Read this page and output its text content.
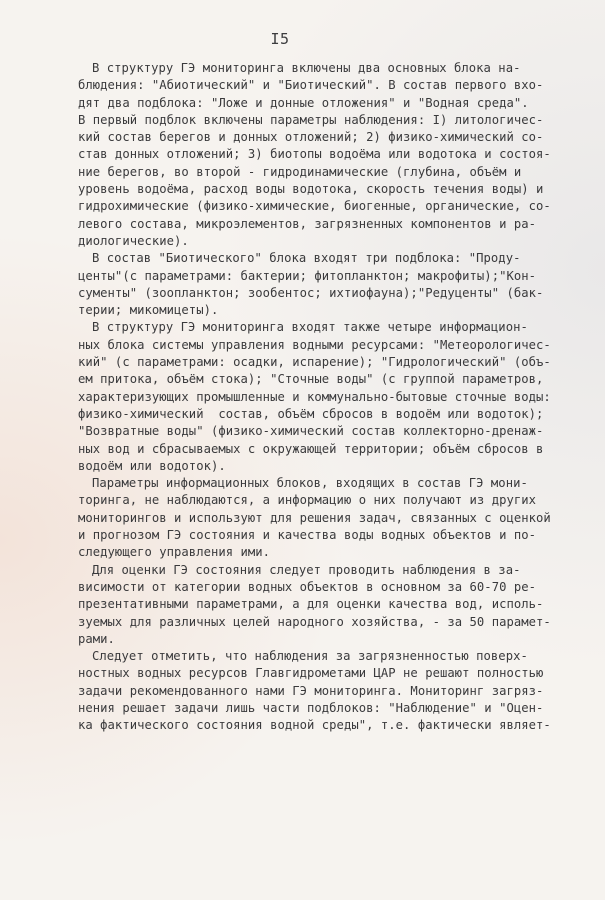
I5
В структуру ГЭ мониторинга включены два основных блока на-
блюдения: "Абиотический" и "Биотический". В состав первого вхо-
дят два подблока: "Ложе и донные отложения" и "Водная среда".
В первый подблок включены параметры наблюдения: I) литологичес-
кий состав берегов и донных отложений; 2) физико-химический со-
став донных отложений; 3) биотопы водоёма или водотока и состоя-
ние берегов, во второй - гидродинамические (глубина, объём и
уровень водоёма, расход воды водотока, скорость течения воды) и
гидрохимические (физико-химические, биогенные, органические, со-
левого состава, микроэлементов, загрязненных компонентов и ра-
диологические).
В состав "Биотического" блока входят три подблока: "Проду-
центы"(с параметрами: бактерии; фитопланктон; макрофиты);"Кон-
сументы" (зоопланктон; зообентос; ихтиофауна);"Редуценты" (бак-
терии; микомицеты).
В структуру ГЭ мониторинга входят также четыре информацион-
ных блока системы управления водными ресурсами: "Метеорологичес-
кий" (с параметрами: осадки, испарение); "Гидрологический" (объ-
ем притока, объём стока); "Сточные воды" (с группой параметров,
характеризующих промышленные и коммунально-бытовые сточные воды:
физико-химический  состав, объём сбросов в водоём или водоток);
"Возвратные воды" (физико-химический состав коллекторно-дренаж-
ных вод и сбрасываемых с окружающей территории; объём сбросов в
водоём или водоток).
Параметры информационных блоков, входящих в состав ГЭ мони-
торинга, не наблюдаются, а информацию о них получают из других
мониторингов и используют для решения задач, связанных с оценкой
и прогнозом ГЭ состояния и качества воды водных объектов и по-
следующего управления ими.
Для оценки ГЭ состояния следует проводить наблюдения в за-
висимости от категории водных объектов в основном за 60-70 ре-
презентативными параметрами, а для оценки качества вод, исполь-
зуемых для различных целей народного хозяйства, - за 50 парамет-
рами.
Следует отметить, что наблюдения за загрязненностью поверх-
ностных водных ресурсов Главгидрометами ЦАР не решают полностью
задачи рекомендованного нами ГЭ мониторинга. Мониторинг загряз-
нения решает задачи лишь части подблоков: "Наблюдение" и "Оцен-
ка фактического состояния водной среды", т.е. фактически являет-
